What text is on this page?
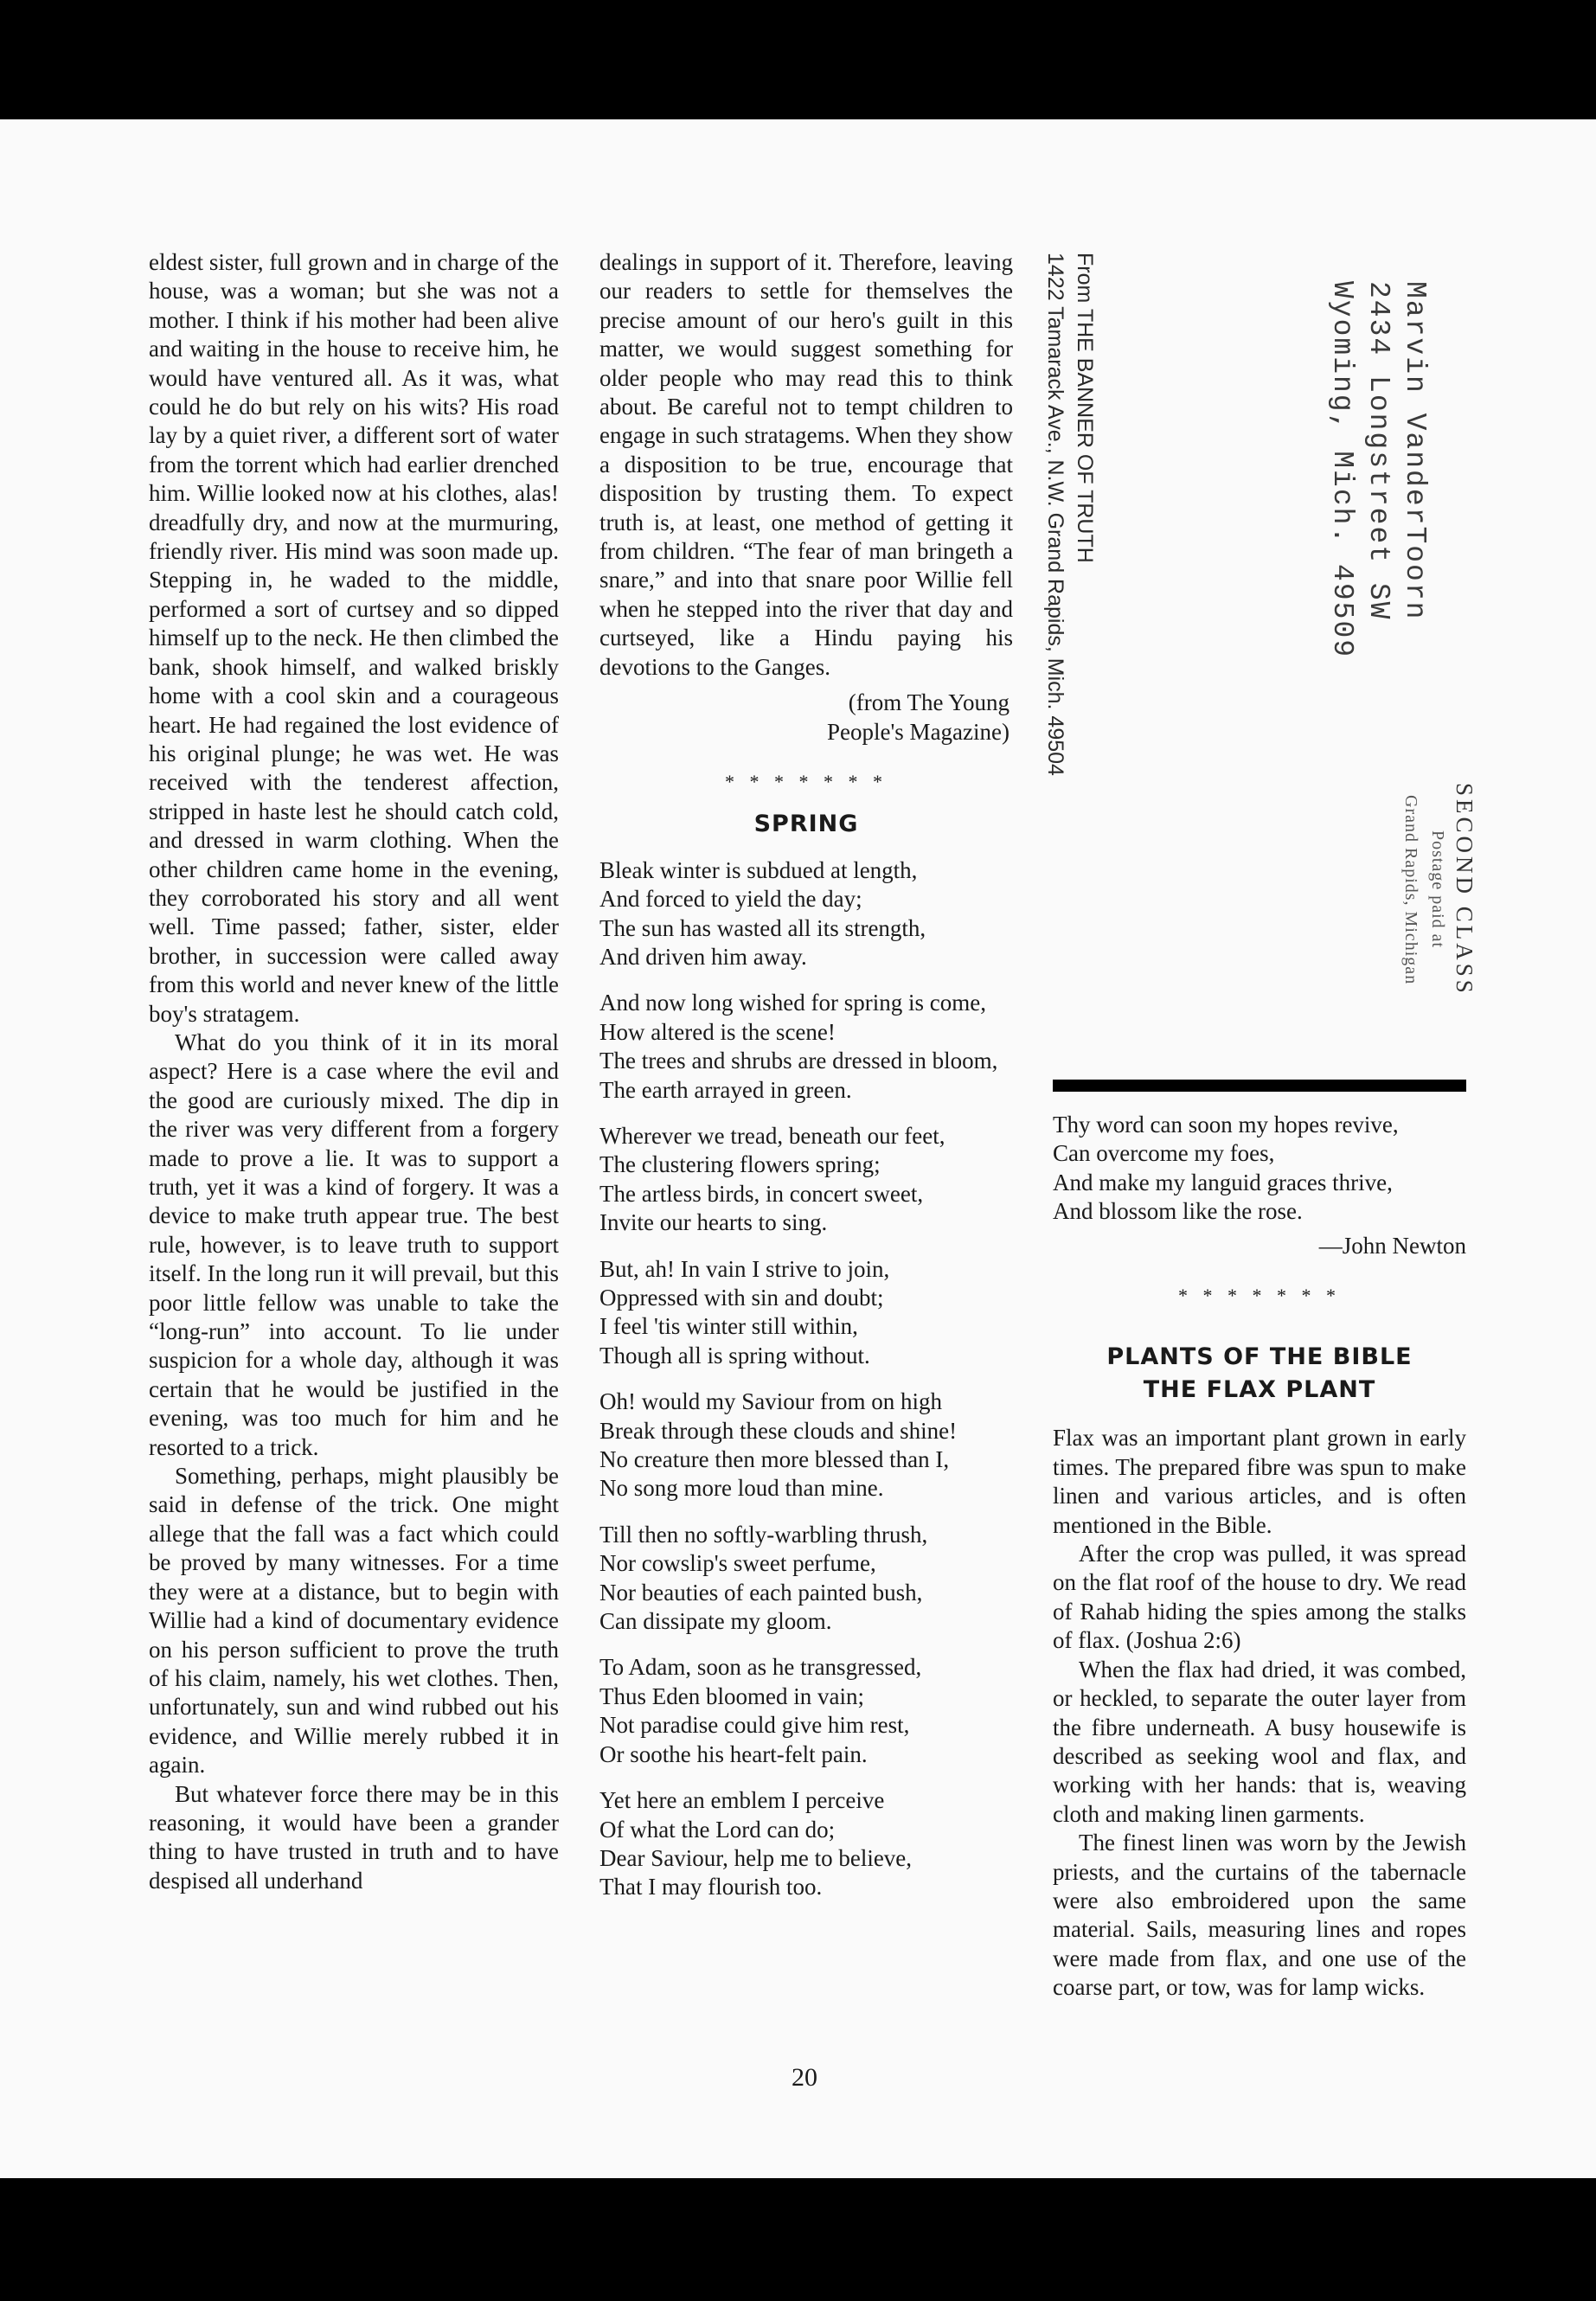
eldest sister, full grown and in charge of the house, was a woman; but she was not a mother. I think if his mother had been alive and waiting in the house to receive him, he would have ventured all. As it was, what could he do but rely on his wits? His road lay by a quiet river, a different sort of water from the torrent which had earlier drenched him. Willie looked now at his clothes, alas! dreadfully dry, and now at the murmuring, friendly river. His mind was soon made up. Stepping in, he waded to the middle, performed a sort of curtsey and so dipped himself up to the neck. He then climbed the bank, shook himself, and walked briskly home with a cool skin and a courageous heart. He had regained the lost evidence of his original plunge; he was wet. He was received with the tenderest affection, stripped in haste lest he should catch cold, and dressed in warm clothing. When the other children came home in the evening, they corroborated his story and all went well. Time passed; father, sister, elder brother, in succession were called away from this world and never knew of the little boy's stratagem.

What do you think of it in its moral aspect? Here is a case where the evil and the good are curiously mixed. The dip in the river was very different from a forgery made to prove a lie. It was to support a truth, yet it was a kind of forgery. It was a device to make truth appear true. The best rule, however, is to leave truth to support itself. In the long run it will prevail, but this poor little fellow was unable to take the “long-run” into account. To lie under suspicion for a whole day, although it was certain that he would be justified in the evening, was too much for him and he resorted to a trick.

Something, perhaps, might plausibly be said in defense of the trick. One might allege that the fall was a fact which could be proved by many witnesses. For a time they were at a distance, but to begin with Willie had a kind of documentary evidence on his person sufficient to prove the truth of his claim, namely, his wet clothes. Then, unfortunately, sun and wind rubbed out his evidence, and Willie merely rubbed it in again.

But whatever force there may be in this reasoning, it would have been a grander thing to have trusted in truth and to have despised all underhand

dealings in support of it. Therefore, leaving our readers to settle for themselves the precise amount of our hero's guilt in this matter, we would suggest something for older people who may read this to think about. Be careful not to tempt children to engage in such stratagems. When they show a disposition to be true, encourage that disposition by trusting them. To expect truth is, at least, one method of getting it from children. “The fear of man bringeth a snare,” and into that snare poor Willie fell when he stepped into the river that day and curtseyed, like a Hindu paying his devotions to the Ganges.

(from The Young
People's Magazine)
* * * * * * *
SPRING
Bleak winter is subdued at length,
And forced to yield the day;
The sun has wasted all its strength,
And driven him away.
And now long wished for spring is come,
How altered is the scene!
The trees and shrubs are dressed in bloom,
The earth arrayed in green.
Wherever we tread, beneath our feet,
The clustering flowers spring;
The artless birds, in concert sweet,
Invite our hearts to sing.
But, ah! In vain I strive to join,
Oppressed with sin and doubt;
I feel 'tis winter still within,
Though all is spring without.
Oh! would my Saviour from on high
Break through these clouds and shine!
No creature then more blessed than I,
No song more loud than mine.
Till then no softly-warbling thrush,
Nor cowslip's sweet perfume,
Nor beauties of each painted bush,
Can dissipate my gloom.
To Adam, soon as he transgressed,
Thus Eden bloomed in vain;
Not paradise could give him rest,
Or soothe his heart-felt pain.
Yet here an emblem I perceive
Of what the Lord can do;
Dear Saviour, help me to believe,
That I may flourish too.
From THE BANNER OF TRUTH
1422 Tamarack Ave., N.W. Grand Rapids, Mich. 49504	Marvin VanderToorn
2434 Longstreet SW
Wyoming, Mich. 49509
SECOND CLASS
Postage paid at
Grand Rapids, Michigan
Thy word can soon my hopes revive,
Can overcome my foes,
And make my languid graces thrive,
And blossom like the rose.
—John Newton
* * * * * * *
PLANTS OF THE BIBLE
THE FLAX PLANT

Flax was an important plant grown in early times. The prepared fibre was spun to make linen and various articles, and is often mentioned in the Bible.

After the crop was pulled, it was spread on the flat roof of the house to dry. We read of Rahab hiding the spies among the stalks of flax. (Joshua 2:6)

When the flax had dried, it was combed, or heckled, to separate the outer layer from the fibre underneath. A busy housewife is described as seeking wool and flax, and working with her hands: that is, weaving cloth and making linen garments.

The finest linen was worn by the Jewish priests, and the curtains of the tabernacle were also embroidered upon the same material. Sails, measuring lines and ropes were made from flax, and one use of the coarse part, or tow, was for lamp wicks.

20
